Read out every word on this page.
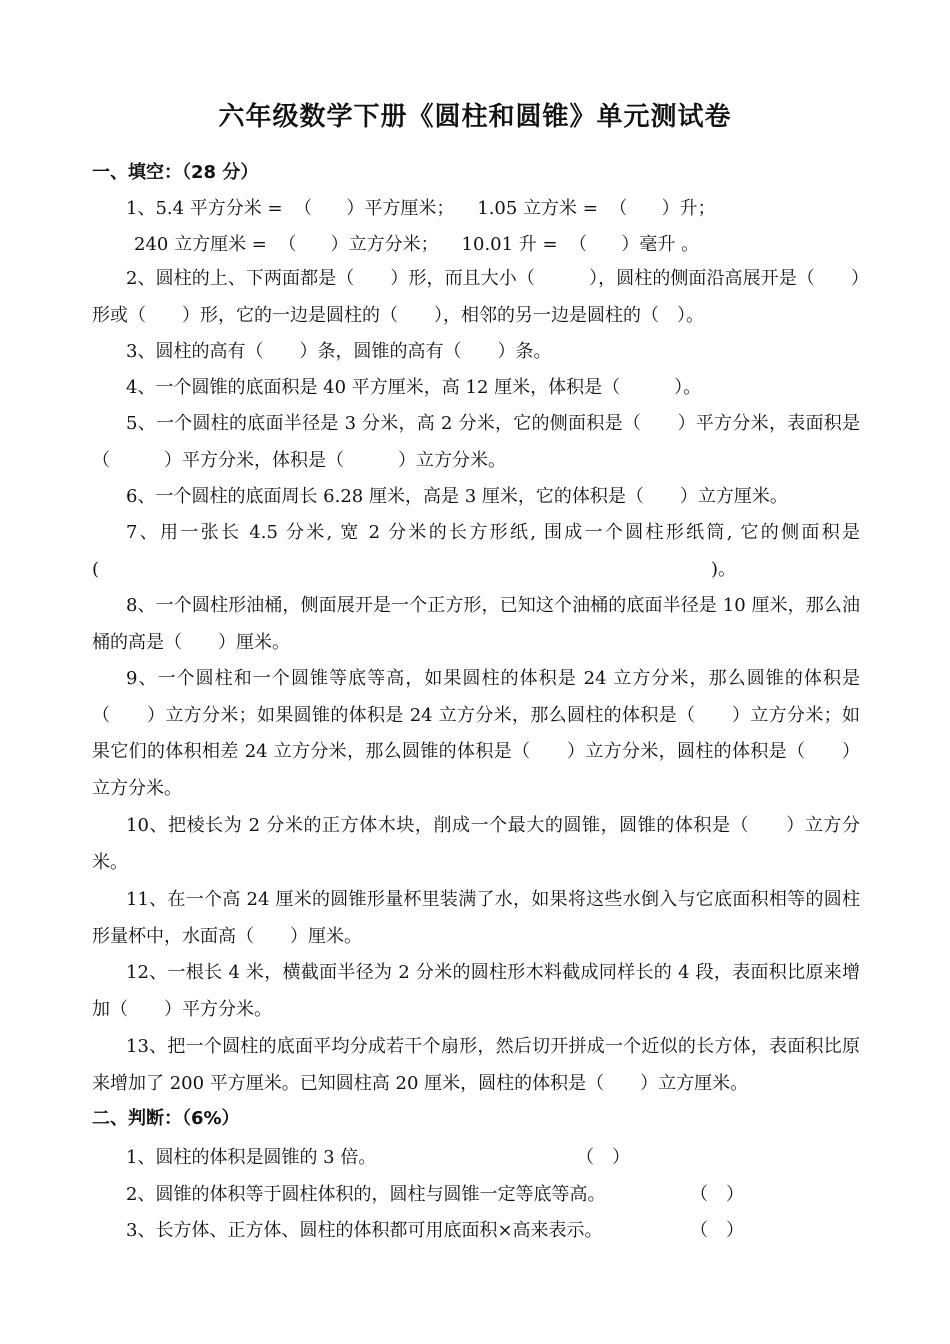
六年级数学下册《圆柱和圆锥》单元测试卷
一、填空：（28 分）
1、5.4 平方分米 =  （      ）平方厘米；    1.05 立方米 =  （      ）升；
240 立方厘米 =  （      ）立方分米；    10.01 升 =  （      ）毫升 。
2、圆柱的上、下两面都是（　　）形，而且大小（　　　），圆柱的侧面沿高展开是（　　）形或（　　）形，它的一边是圆柱的（　　），相邻的另一边是圆柱的（　）。
3、圆柱的高有（　　）条，圆锥的高有（　　）条。
4、一个圆锥的底面积是 40 平方厘米，高 12 厘米，体积是（　　　）。
5、一个圆柱的底面半径是 3 分米，高 2 分米，它的侧面积是（　　）平方分米，表面积是（　　　）平方分米，体积是（　　　）立方分米。
6、一个圆柱的底面周长 6.28 厘米，高是 3 厘米，它的体积是（　　）立方厘米。
7、用一张长 4.5 分米, 宽 2 分米的长方形纸, 围成一个圆柱形纸筒, 它的侧面积是(　　　　　　　　　　　　　　　　　　　　　　　　　　　　　　　　　　)。
8、一个圆柱形油桶，侧面展开是一个正方形，已知这个油桶的底面半径是 10 厘米，那么油桶的高是（　　）厘米。
9、一个圆柱和一个圆锥等底等高，如果圆柱的体积是 24 立方分米，那么圆锥的体积是（　　）立方分米；如果圆锥的体积是 24 立方分米，那么圆柱的体积是（　　）立方分米；如果它们的体积相差 24 立方分米，那么圆锥的体积是（　　）立方分米，圆柱的体积是（　　）立方分米。
10、把棱长为 2 分米的正方体木块，削成一个最大的圆锥，圆锥的体积是（　　）立方分米。
11、在一个高 24 厘米的圆锥形量杯里装满了水，如果将这些水倒入与它底面积相等的圆柱形量杯中，水面高（　　）厘米。
12、一根长 4 米，横截面半径为 2 分米的圆柱形木料截成同样长的 4 段，表面积比原来增加（　　）平方分米。
13、把一个圆柱的底面平均分成若干个扇形，然后切开拼成一个近似的长方体，表面积比原来增加了 200 平方厘米。已知圆柱高 20 厘米，圆柱的体积是（　　）立方厘米。
二、判断：（6%）
1、圆柱的体积是圆锥的 3 倍。	（　）
2、圆锥的体积等于圆柱体积的，圆柱与圆锥一定等底等高。	（　）
3、长方体、正方体、圆柱的体积都可用底面积×高来表示。	（　）
